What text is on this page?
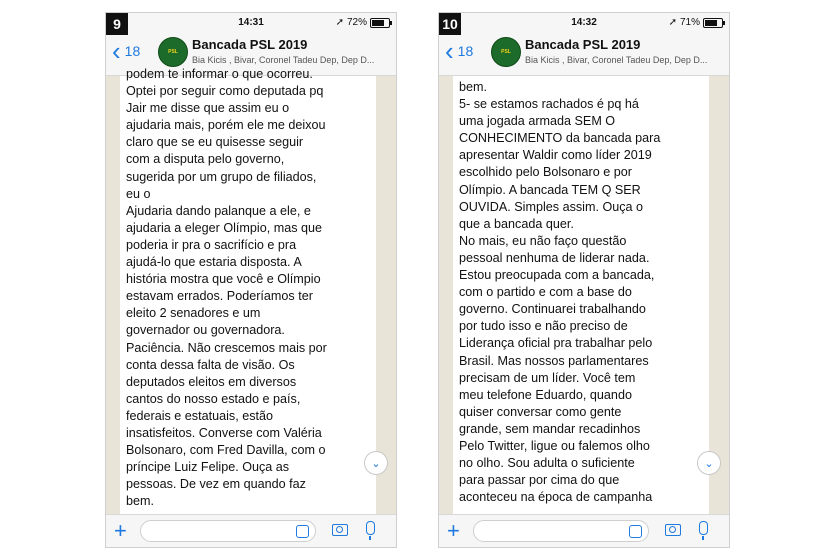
9	14:31	➚ 72%
‹ 18	PSL Bancada PSL 2019
Bia Kicis , Bivar, Coronel Tadeu Dep, Dep D...

podem te informar o que ocorreu.
Optei por seguir como deputada pq
Jair me disse que assim eu o
ajudaria mais, porém ele me deixou
claro que se eu quisesse seguir
com a disputa pelo governo,
sugerida por um grupo de filiados,
eu o
Ajudaria dando palanque a ele, e
ajudaria a eleger Olímpio, mas que
poderia ir pra o sacrifício e pra
ajudá-lo que estaria disposta. A
história mostra que você e Olímpio
estavam errados. Poderíamos ter
eleito 2 senadores e um
governador ou governadora.
Paciência. Não crescemos mais por
conta dessa falta de visão. Os
deputados eleitos em diversos
cantos do nosso estado e país,
federais e estatuais, estão
insatisfeitos. Converse com Valéria
Bolsonaro, com Fred Davilla, com o
príncipe Luiz Felipe. Ouça as
pessoas. De vez em quando faz
bem.

⌄
+
10	14:32	➚ 71%
‹ 18	PSL Bancada PSL 2019
Bia Kicis , Bivar, Coronel Tadeu Dep, Dep D...

bem.
5- se estamos rachados é pq há
uma jogada armada SEM O
CONHECIMENTO da bancada para
apresentar Waldir como líder 2019
escolhido pelo Bolsonaro e por
Olímpio. A bancada TEM Q SER
OUVIDA. Simples assim. Ouça o
que a bancada quer.
No mais, eu não faço questão
pessoal nenhuma de liderar nada.
Estou preocupada com a bancada,
com o partido e com a base do
governo. Continuarei trabalhando
por tudo isso e não preciso de
Liderança oficial pra trabalhar pelo
Brasil. Mas nossos parlamentares
precisam de um líder. Você tem
meu telefone Eduardo, quando
quiser conversar como gente
grande, sem mandar recadinhos
Pelo Twitter, ligue ou falemos olho
no olho. Sou adulta o suficiente
para passar por cima do que
aconteceu na época de campanha

⌄
+
